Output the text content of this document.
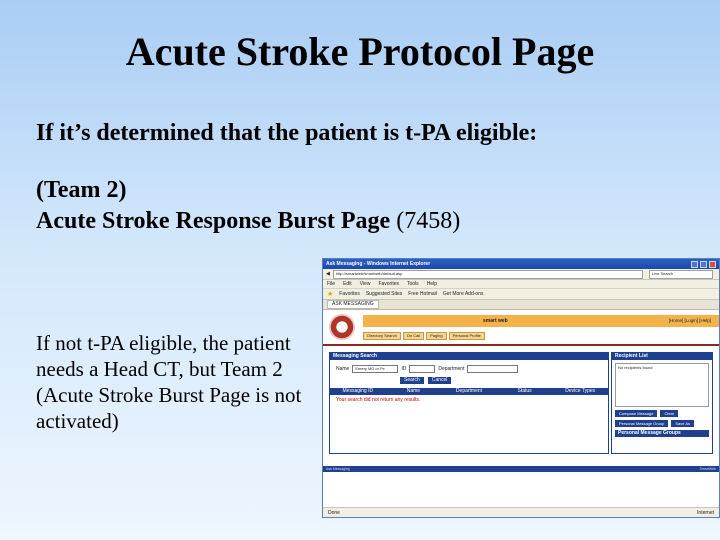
Acute Stroke Protocol Page
If it’s determined that the patient is t-PA eligible:
(Team 2)
Acute Stroke Response Burst Page (7458)
If not t-PA eligible, the patient needs a Head CT, but Team 2 (Acute Stroke Burst Page is not activated)
Ask Messaging - Windows Internet Explorer
◀	http://smartweb/smartweb/default.asp	Live Search
File Edit View Favorites Tools Help
★ Favorites Suggested Sites Free Hotmail Get More Add-ons
ASK MESSAGING
smart web	[Home] [Login] [Help]
Directory Search	On Call	Paging	Personal Profile
Messaging Search
Name	Emery MD or Px	ID	Department
Search	Cancel
Messaging ID	Name	Department	Status	Device Types
Your search did not return any results.
Recipient List
No recipients found
Compose Message	Clear
Personal Message Group	Save As
Personal Message Groups
Ask Messaging	SmartWeb
Done	Internet
